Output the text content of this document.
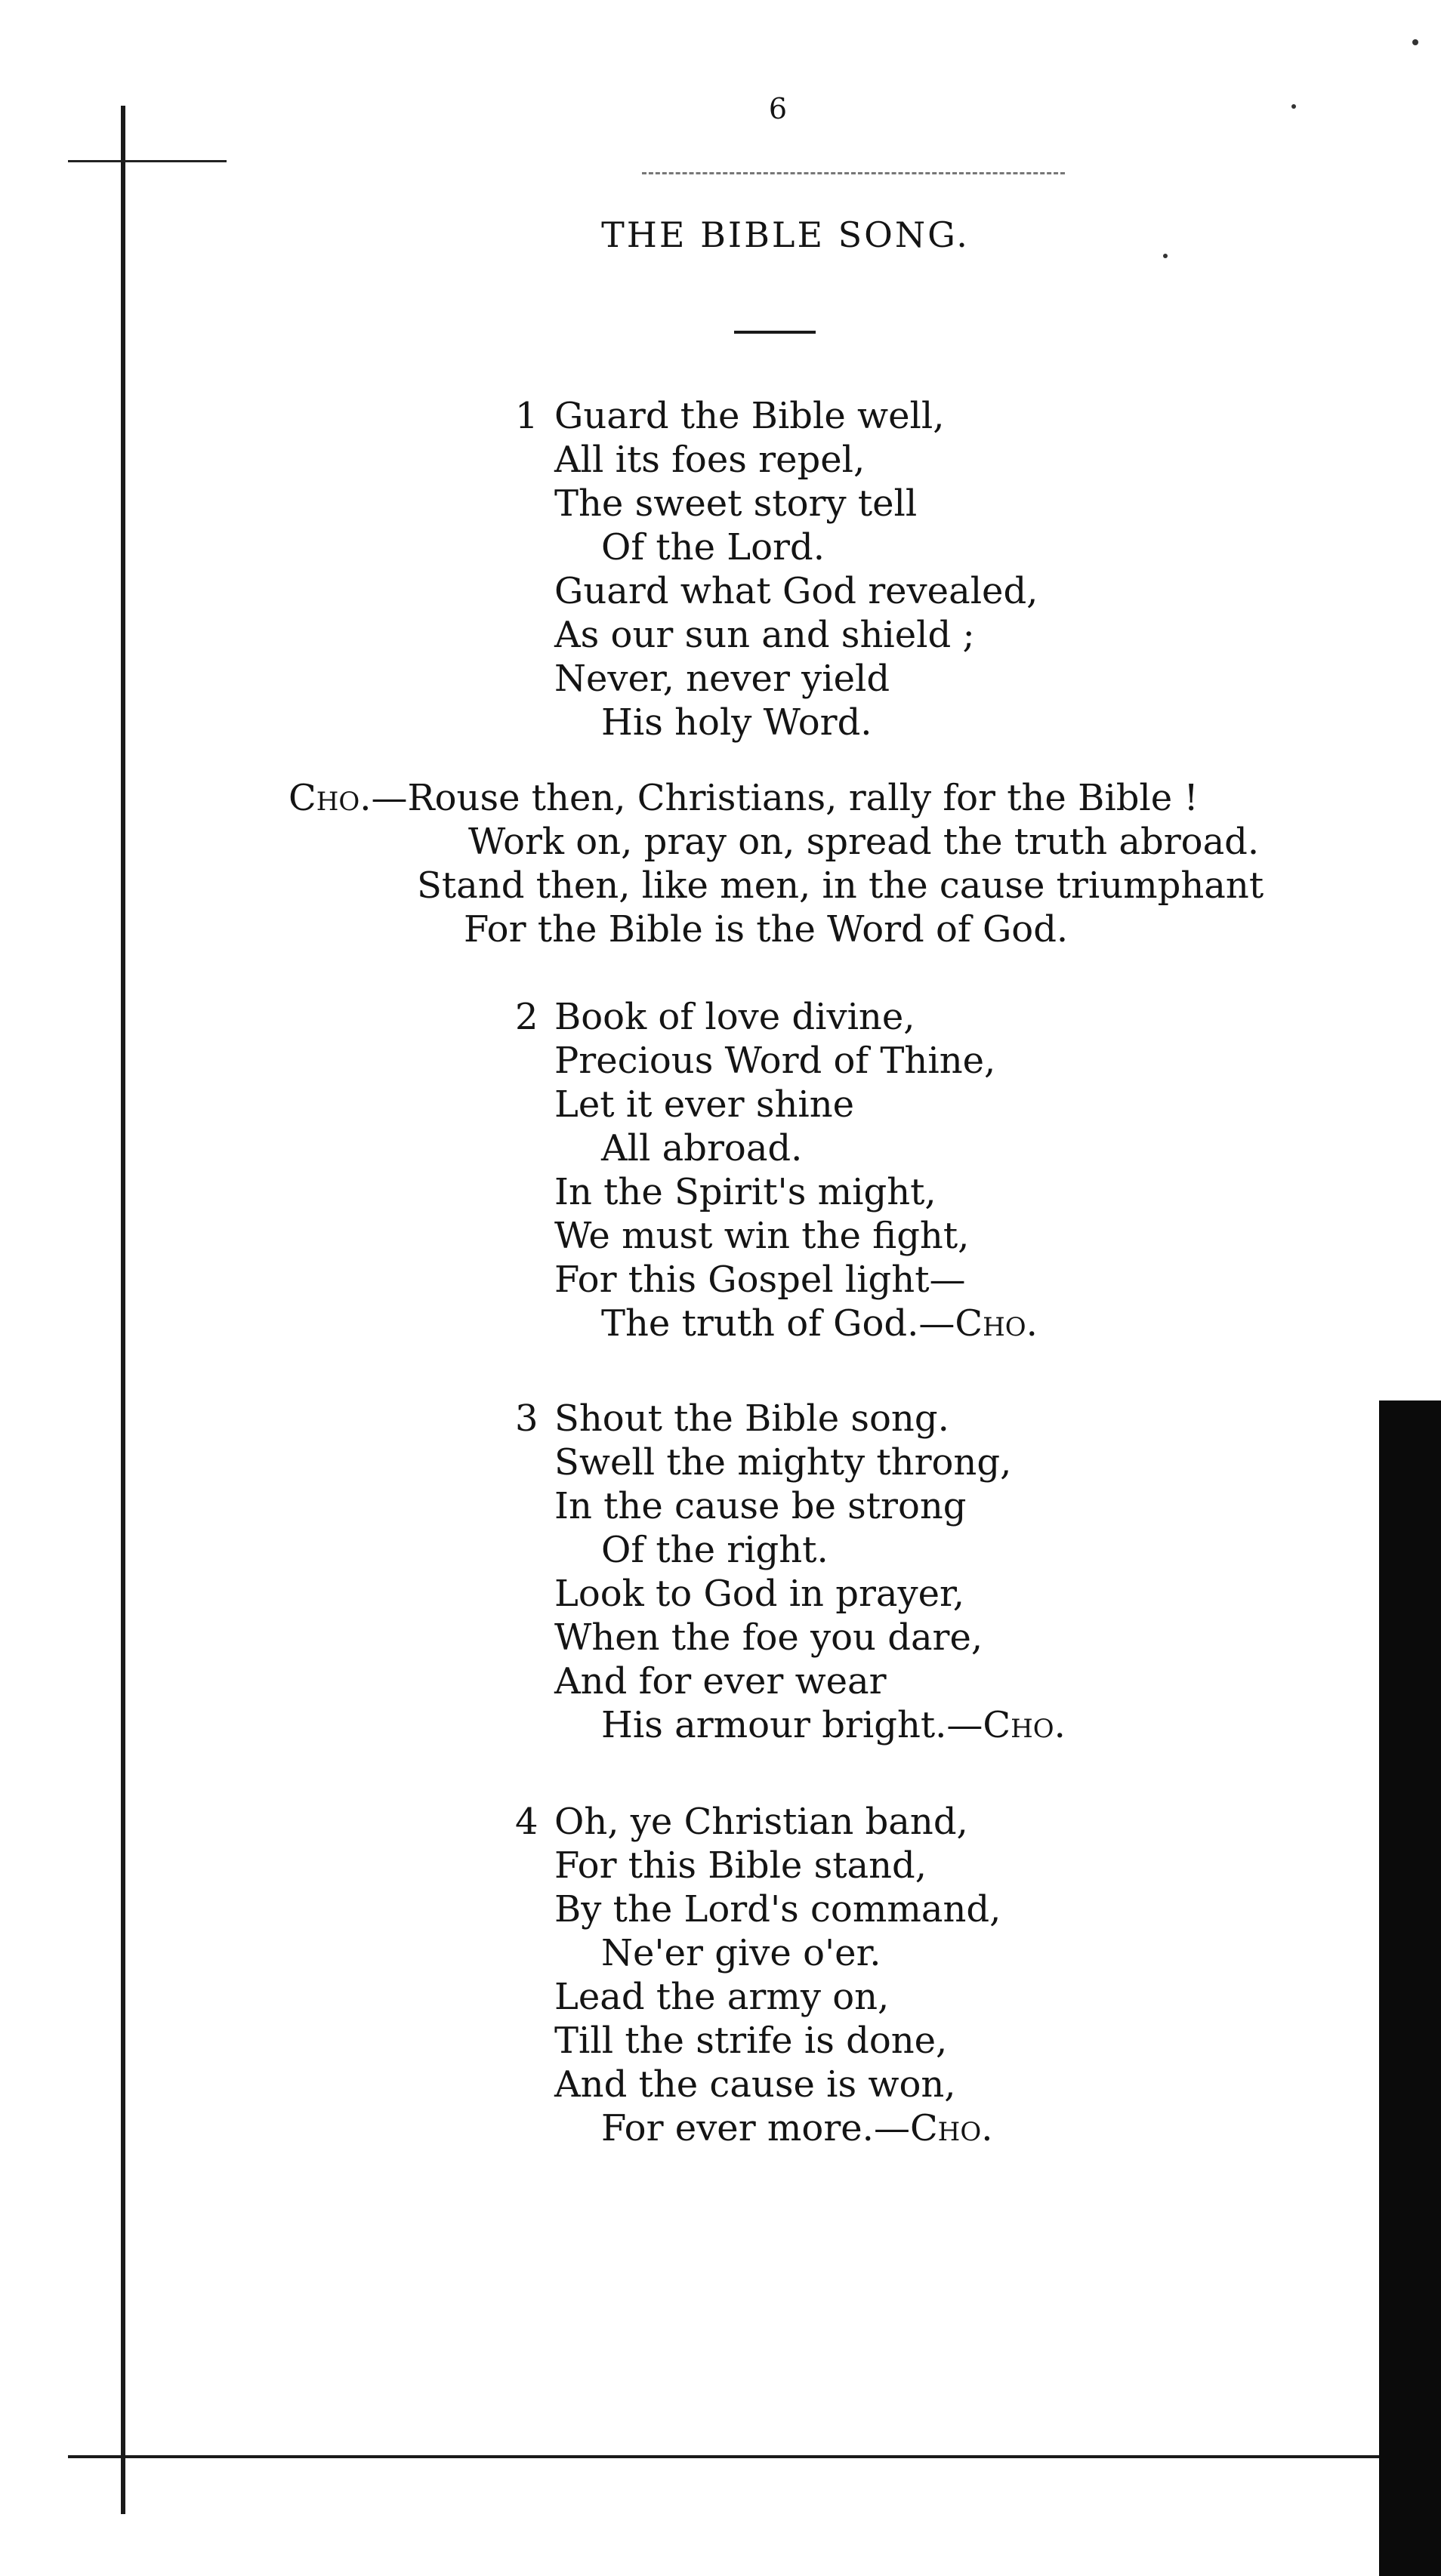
6
THE BIBLE SONG.
1 Guard the Bible well,
All its foes repel,
The sweet story tell
Of the Lord.
Guard what God revealed,
As our sun and shield ;
Never, never yield
His holy Word.
Cho.—Rouse then, Christians, rally for the Bible !
Work on, pray on, spread the truth abroad.
Stand then, like men, in the cause triumphant
For the Bible is the Word of God.
2 Book of love divine,
Precious Word of Thine,
Let it ever shine
All abroad.
In the Spirit's might,
We must win the fight,
For this Gospel light—
The truth of God.—Cho.
3 Shout the Bible song.
Swell the mighty throng,
In the cause be strong
Of the right.
Look to God in prayer,
When the foe you dare,
And for ever wear
His armour bright.—Cho.
4 Oh, ye Christian band,
For this Bible stand,
By the Lord's command,
Ne'er give o'er.
Lead the army on,
Till the strife is done,
And the cause is won,
For ever more.—Cho.
